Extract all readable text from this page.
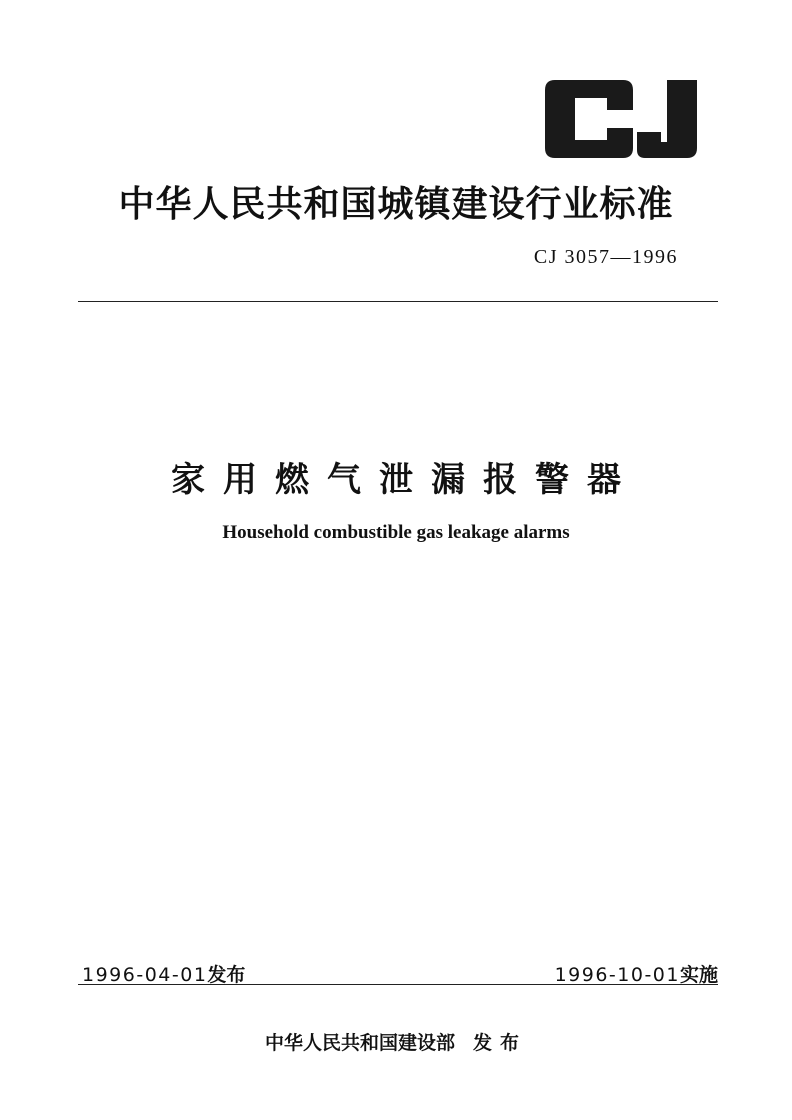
中华人民共和国城镇建设行业标准
CJ 3057—1996
家用燃气泄漏报警器
Household combustible gas leakage alarms
1996-04-01发布	1996-10-01实施
中华人民共和国建设部 发布
